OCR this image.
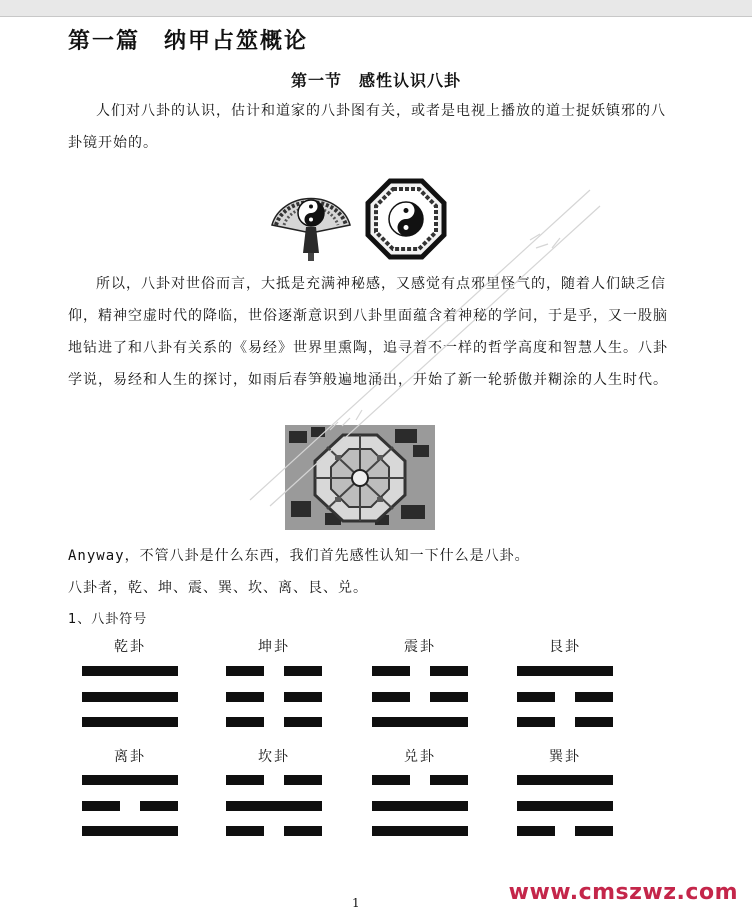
第一篇　纳甲占筮概论
第一节　感性认识八卦
人们对八卦的认识，估计和道家的八卦图有关，或者是电视上播放的道士捉妖镇邪的八卦镜开始的。
所以，八卦对世俗而言，大抵是充满神秘感，又感觉有点邪里怪气的，随着人们缺乏信仰，精神空虚时代的降临，世俗逐渐意识到八卦里面蕴含着神秘的学问，于是乎，又一股脑地钻进了和八卦有关系的《易经》世界里熏陶，追寻着不一样的哲学高度和智慧人生。八卦学说，易经和人生的探讨，如雨后春笋般遍地涌出，开始了新一轮骄傲并糊涂的人生时代。
Anyway，不管八卦是什么东西，我们首先感性认知一下什么是八卦。
八卦者，乾、坤、震、巽、坎、离、艮、兑。
1、八卦符号
乾卦	坤卦	震卦	艮卦
离卦	坎卦	兑卦	巽卦
1	www.cmszwz.com
